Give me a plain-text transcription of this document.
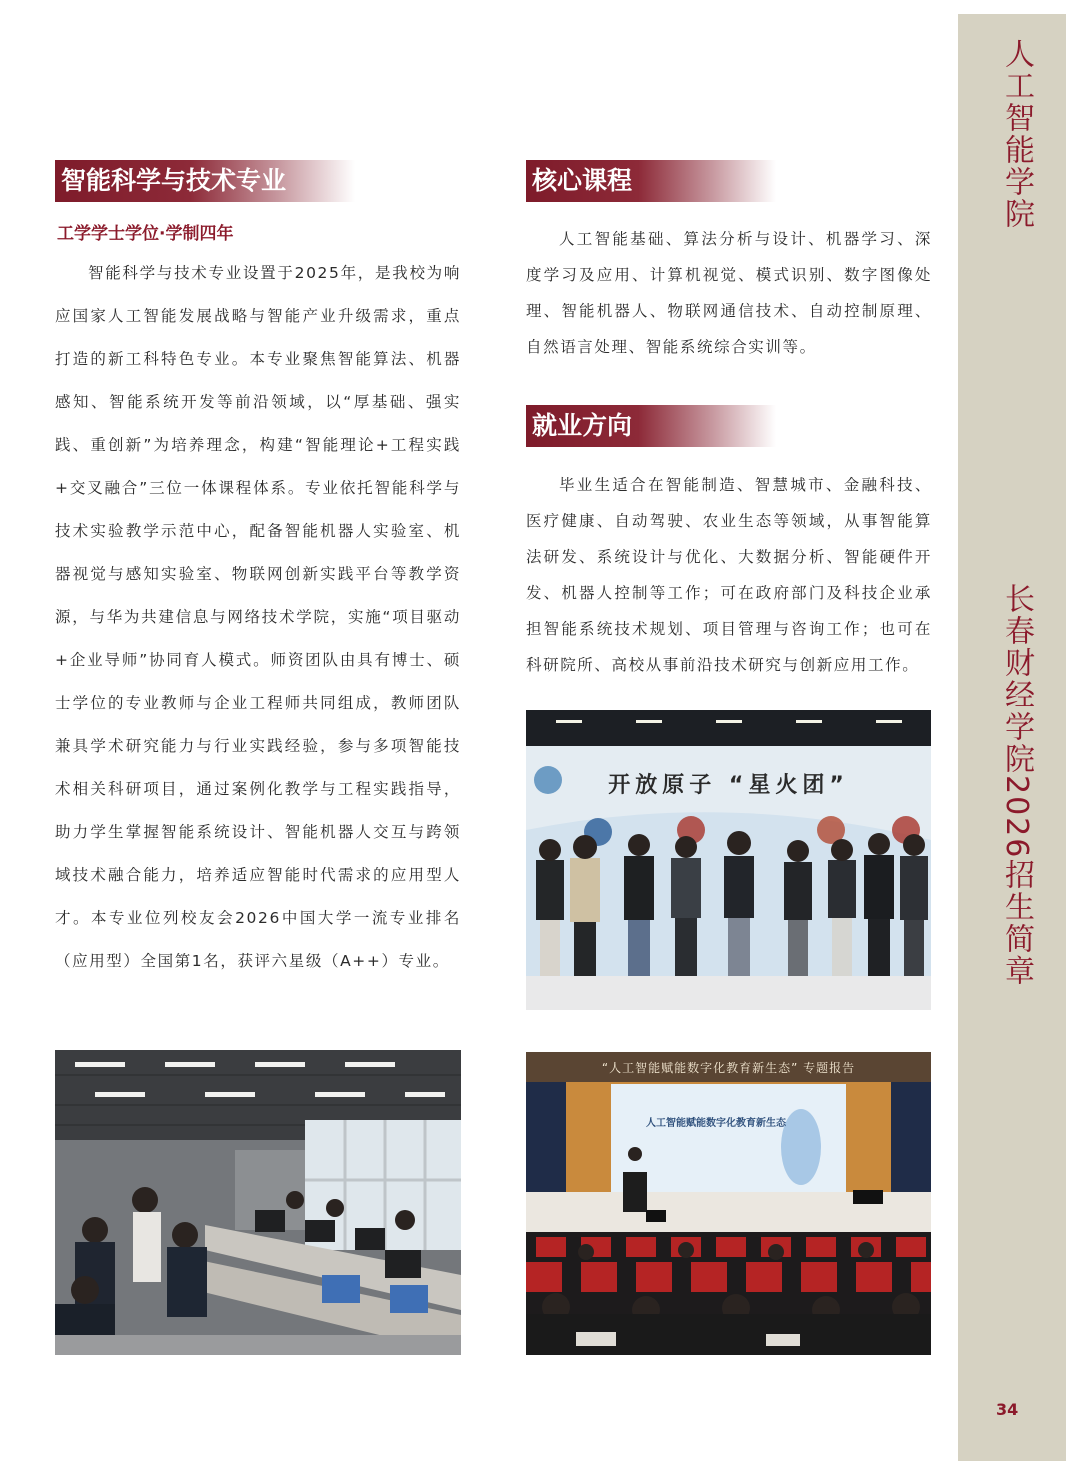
智能科学与技术专业
工学学士学位·学制四年

智能科学与技术专业设置于2025年，是我校为响应国家人工智能发展战略与智能产业升级需求，重点打造的新工科特色专业。本专业聚焦智能算法、机器感知、智能系统开发等前沿领域，以“厚基础、强实践、重创新”为培养理念，构建“智能理论+工程实践+交叉融合”三位一体课程体系。专业依托智能科学与技术实验教学示范中心，配备智能机器人实验室、机器视觉与感知实验室、物联网创新实践平台等教学资源，与华为共建信息与网络技术学院，实施“项目驱动+企业导师”协同育人模式。师资团队由具有博士、硕士学位的专业教师与企业工程师共同组成，教师团队兼具学术研究能力与行业实践经验，参与多项智能技术相关科研项目，通过案例化教学与工程实践指导，助力学生掌握智能系统设计、智能机器人交互与跨领域技术融合能力，培养适应智能时代需求的应用型人才。本专业位列校友会2026中国大学一流专业排名（应用型）全国第1名，获评六星级（A++）专业。

核心课程

人工智能基础、算法分析与设计、机器学习、深度学习及应用、计算机视觉、模式识别、数字图像处理、智能机器人、物联网通信技术、自动控制原理、自然语言处理、智能系统综合实训等。

就业方向

毕业生适合在智能制造、智慧城市、金融科技、医疗健康、自动驾驶、农业生态等领域，从事智能算法研发、系统设计与优化、大数据分析、智能硬件开发、机器人控制等工作；可在政府部门及科技企业承担智能系统技术规划、项目管理与咨询工作；也可在科研院所、高校从事前沿技术研究与创新应用工作。

开放原子 “星火团”
“人工智能赋能数字化教育新生态” 专题报告
人工智能赋能数字化教育新生态
人工智能学院
长春财经学院2026招生简章
34
